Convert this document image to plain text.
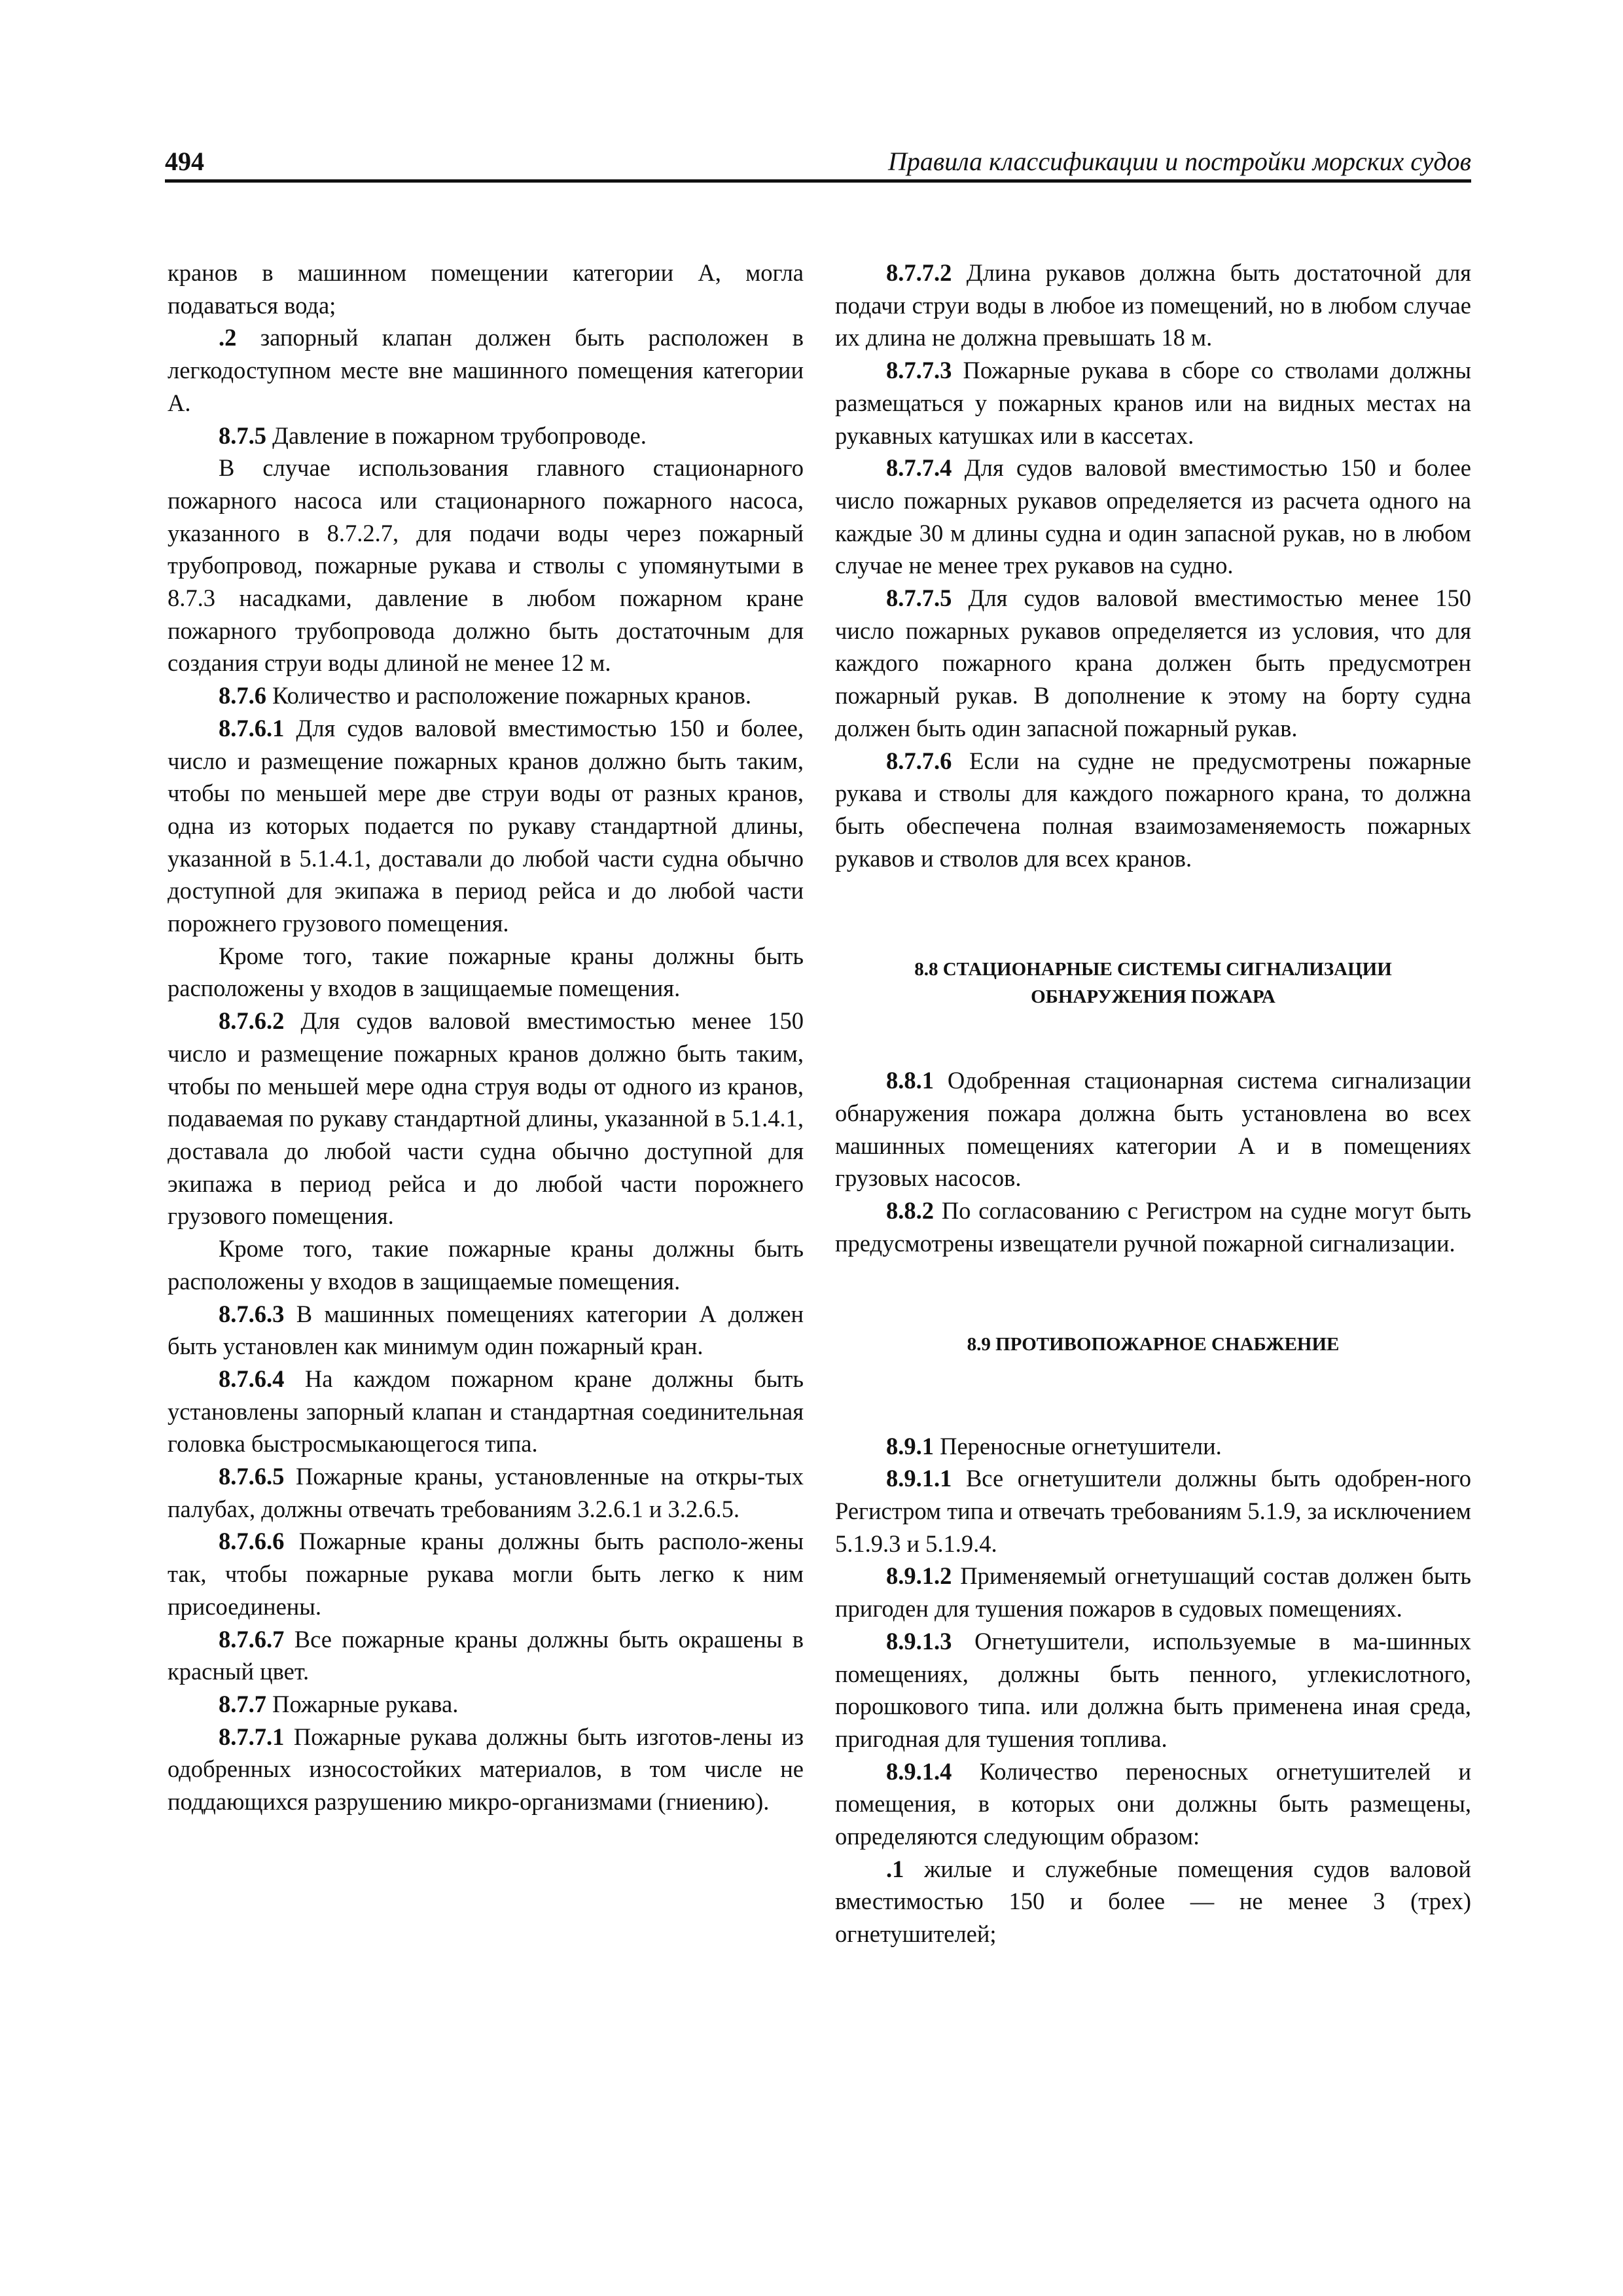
494	Правила классификации и постройки морских судов

кранов в машинном помещении категории А, могла подаваться вода;

.2 запорный клапан должен быть расположен в легкодоступном месте вне машинного помещения категории А.

8.7.5 Давление в пожарном трубопроводе.

В случае использования главного стационарного пожарного насоса или стационарного пожарного насоса, указанного в 8.7.2.7, для подачи воды через пожарный трубопровод, пожарные рукава и стволы с упомянутыми в 8.7.3 насадками, давление в любом пожарном кране пожарного трубопровода должно быть достаточным для создания струи воды длиной не менее 12 м.

8.7.6 Количество и расположение пожарных кранов.

8.7.6.1 Для судов валовой вместимостью 150 и более, число и размещение пожарных кранов должно быть таким, чтобы по меньшей мере две струи воды от разных кранов, одна из которых подается по рукаву стандартной длины, указанной в 5.1.4.1, доставали до любой части судна обычно доступной для экипажа в период рейса и до любой части порожнего грузового помещения.

Кроме того, такие пожарные краны должны быть расположены у входов в защищаемые помещения.

8.7.6.2 Для судов валовой вместимостью менее 150 число и размещение пожарных кранов должно быть таким, чтобы по меньшей мере одна струя воды от одного из кранов, подаваемая по рукаву стандартной длины, указанной в 5.1.4.1, доставала до любой части судна обычно доступной для экипажа в период рейса и до любой части порожнего грузового помещения.

Кроме того, такие пожарные краны должны быть расположены у входов в защищаемые помещения.

8.7.6.3 В машинных помещениях категории А должен быть установлен как минимум один пожарный кран.

8.7.6.4 На каждом пожарном кране должны быть установлены запорный клапан и стандартная соединительная головка быстросмыкающегося типа.

8.7.6.5 Пожарные краны, установленные на откры-тых палубах, должны отвечать требованиям 3.2.6.1 и 3.2.6.5.

8.7.6.6 Пожарные краны должны быть располо-жены так, чтобы пожарные рукава могли быть легко к ним присоединены.

8.7.6.7 Все пожарные краны должны быть окрашены в красный цвет.

8.7.7 Пожарные рукава.

8.7.7.1 Пожарные рукава должны быть изготов-лены из одобренных износостойких материалов, в том числе не поддающихся разрушению микро-организмами (гниению).

8.7.7.2 Длина рукавов должна быть достаточной для подачи струи воды в любое из помещений, но в любом случае их длина не должна превышать 18 м.

8.7.7.3 Пожарные рукава в сборе со стволами должны размещаться у пожарных кранов или на видных местах на рукавных катушках или в кассетах.

8.7.7.4 Для судов валовой вместимостью 150 и более число пожарных рукавов определяется из расчета одного на каждые 30 м длины судна и один запасной рукав, но в любом случае не менее трех рукавов на судно.

8.7.7.5 Для судов валовой вместимостью менее 150 число пожарных рукавов определяется из условия, что для каждого пожарного крана должен быть предусмотрен пожарный рукав. В дополнение к этому на борту судна должен быть один запасной пожарный рукав.

8.7.7.6 Если на судне не предусмотрены пожарные рукава и стволы для каждого пожарного крана, то должна быть обеспечена полная взаимозаменяемость пожарных рукавов и стволов для всех кранов.

8.8 СТАЦИОНАРНЫЕ СИСТЕМЫ СИГНАЛИЗАЦИИ
ОБНАРУЖЕНИЯ ПОЖАРА

8.8.1 Одобренная стационарная система сигнализации обнаружения пожара должна быть установлена во всех машинных помещениях категории А и в помещениях грузовых насосов.

8.8.2 По согласованию с Регистром на судне могут быть предусмотрены извещатели ручной пожарной сигнализации.

8.9 ПРОТИВОПОЖАРНОЕ СНАБЖЕНИЕ

8.9.1 Переносные огнетушители.

8.9.1.1 Все огнетушители должны быть одобрен-ного Регистром типа и отвечать требованиям 5.1.9, за исключением 5.1.9.3 и 5.1.9.4.

8.9.1.2 Применяемый огнетушащий состав должен быть пригоден для тушения пожаров в судовых помещениях.

8.9.1.3 Огнетушители, используемые в ма-шинных помещениях, должны быть пенного, углекислотного, порошкового типа. или должна быть применена иная среда, пригодная для тушения топлива.

8.9.1.4 Количество переносных огнетушителей и помещения, в которых они должны быть размещены, определяются следующим образом:

.1 жилые и служебные помещения судов валовой вместимостью 150 и более — не менее 3 (трех) огнетушителей;
